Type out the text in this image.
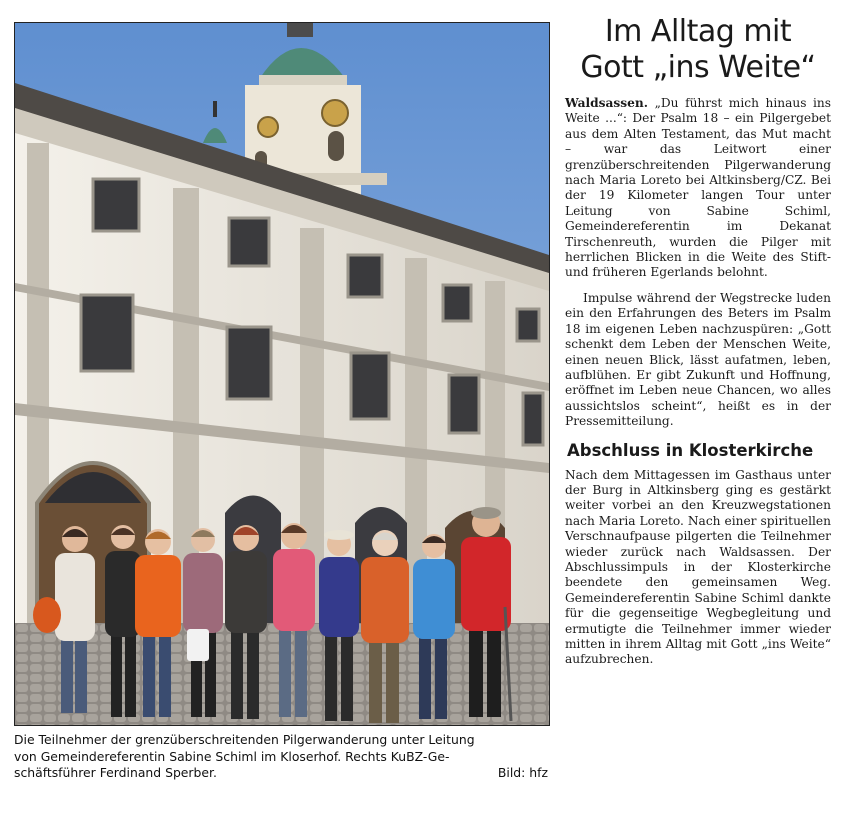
Die Teilnehmer der grenzüberschreitenden Pilgerwanderung unter Leitung
von Gemeindereferentin Sabine Schiml im Kloserhof. Rechts KuBZ-Ge-
schäftsführer Ferdinand Sperber.	Bild: hfz
Im Alltag mit
Gott „ins Weite“

Waldsassen. „Du führst mich hinaus ins Weite ...“: Der Psalm 18 – ein Pilgergebet aus dem Alten Testament, das Mut macht – war das Leitwort einer grenzüberschreitenden Pilgerwanderung nach Maria Loreto bei Altkinsberg/CZ. Bei der 19 Kilometer langen Tour unter Leitung von Sabine Schiml, Gemeindereferentin im Dekanat Tirschenreuth, wurden die Pilger mit herrlichen Blicken in die Weite des Stift- und früheren Egerlands belohnt.

Impulse während der Wegstrecke luden ein den Erfahrungen des Beters im Psalm 18 im eigenen Leben nachzuspüren: „Gott schenkt dem Leben der Menschen Weite, einen neuen Blick, lässt aufatmen, leben, aufblühen. Er gibt Zukunft und Hoffnung, eröffnet im Leben neue Chancen, wo alles aussichtslos scheint“, heißt es in der Pressemitteilung.

Abschluss in Klosterkirche

Nach dem Mittagessen im Gasthaus unter der Burg in Altkinsberg ging es gestärkt weiter vorbei an den Kreuzwegstationen nach Maria Loreto. Nach einer spirituellen Verschnaufpause pilgerten die Teilnehmer wieder zurück nach Waldsassen. Der Abschlussimpuls in der Klosterkirche beendete den gemeinsamen Weg. Gemeindereferentin Sabine Schiml dankte für die gegenseitige Wegbegleitung und ermutigte die Teilnehmer immer wieder mitten in ihrem Alltag mit Gott „ins Weite“ aufzubrechen.
